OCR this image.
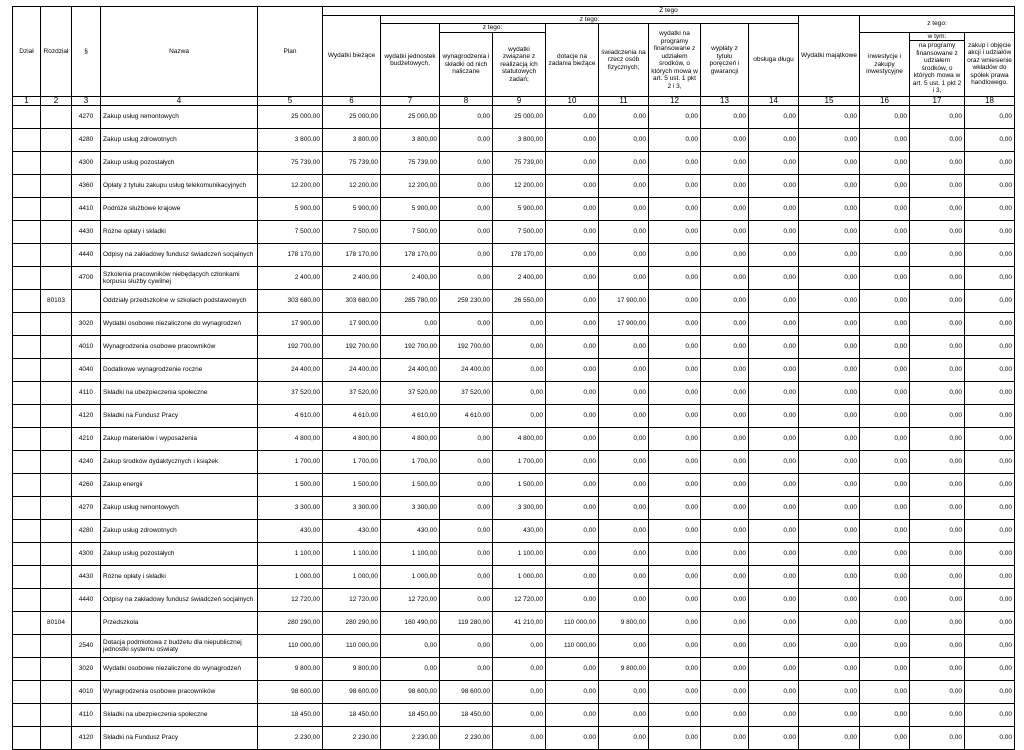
Dział	Rozdział	§	Nazwa	Plan	Z tego												
					Wydatki bieżące	z tego:								Wydatki majątkowe	z tego:		
						wydatki jednostek budżetowych,	z tego:		dotacje na zadania bieżące	świadczenia na rzecz osób fizycznych;	wydatki na programy finansowane z udziałem środków, o których mowa w art. 5 ust. 1 pkt 2 i 3,	wypłaty z tytułu poręczeń i gwarancji	obsługa długu				
							wynagrodzenia i składki od nich naliczane	wydatki związane z realizacją ich statutowych zadań;							inwestycje i zakupy inwestycyjne	w tym:	zakup i objęcie akcji i udziałów oraz wniesienie wkładów do spółek prawa handlowego.
																na programy finansowane z udziałem środków, o których mowa w art. 5 ust. 1 pkt 2 i 3,	
1	2	3	4	5	6	7	8	9	10	11	12	13	14	15	16	17	18
		4270	Zakup usług remontowych	25 000,00	25 000,00	25 000,00	0,00	25 000,00	0,00	0,00	0,00	0,00	0,00	0,00	0,00	0,00	0,00
		4280	Zakup usług zdrowotnych	3 800,00	3 800,00	3 800,00	0,00	3 800,00	0,00	0,00	0,00	0,00	0,00	0,00	0,00	0,00	0,00
		4300	Zakup usług pozostałych	75 739,00	75 739,00	75 739,00	0,00	75 739,00	0,00	0,00	0,00	0,00	0,00	0,00	0,00	0,00	0,00
		4360	Opłaty z tytułu zakupu usług telekomunikacyjnych	12 200,00	12 200,00	12 200,00	0,00	12 200,00	0,00	0,00	0,00	0,00	0,00	0,00	0,00	0,00	0,00
		4410	Podróże służbowe krajowe	5 900,00	5 900,00	5 900,00	0,00	5 900,00	0,00	0,00	0,00	0,00	0,00	0,00	0,00	0,00	0,00
		4430	Różne opłaty i składki	7 500,00	7 500,00	7 500,00	0,00	7 500,00	0,00	0,00	0,00	0,00	0,00	0,00	0,00	0,00	0,00
		4440	Odpisy na zakładowy fundusz świadczeń socjalnych	178 170,00	178 170,00	178 170,00	0,00	178 170,00	0,00	0,00	0,00	0,00	0,00	0,00	0,00	0,00	0,00
		4700	Szkolenia pracowników niebędących członkami korpusu służby cywilnej	2 400,00	2 400,00	2 400,00	0,00	2 400,00	0,00	0,00	0,00	0,00	0,00	0,00	0,00	0,00	0,00
	80103		Oddziały przedszkolne w szkołach podstawowych	303 680,00	303 680,00	285 780,00	259 230,00	26 550,00	0,00	17 900,00	0,00	0,00	0,00	0,00	0,00	0,00	0,00
		3020	Wydatki osobowe niezaliczone do wynagrodzeń	17 900,00	17 900,00	0,00	0,00	0,00	0,00	17 900,00	0,00	0,00	0,00	0,00	0,00	0,00	0,00
		4010	Wynagrodzenia osobowe pracowników	192 700,00	192 700,00	192 700,00	192 700,00	0,00	0,00	0,00	0,00	0,00	0,00	0,00	0,00	0,00	0,00
		4040	Dodatkowe wynagrodzenie roczne	24 400,00	24 400,00	24 400,00	24 400,00	0,00	0,00	0,00	0,00	0,00	0,00	0,00	0,00	0,00	0,00
		4110	Składki na ubezpieczenia społeczne	37 520,00	37 520,00	37 520,00	37 520,00	0,00	0,00	0,00	0,00	0,00	0,00	0,00	0,00	0,00	0,00
		4120	Składki na Fundusz Pracy	4 610,00	4 610,00	4 610,00	4 610,00	0,00	0,00	0,00	0,00	0,00	0,00	0,00	0,00	0,00	0,00
		4210	Zakup materiałów i wyposażenia	4 800,00	4 800,00	4 800,00	0,00	4 800,00	0,00	0,00	0,00	0,00	0,00	0,00	0,00	0,00	0,00
		4240	Zakup środków dydaktycznych i książek	1 700,00	1 700,00	1 700,00	0,00	1 700,00	0,00	0,00	0,00	0,00	0,00	0,00	0,00	0,00	0,00
		4260	Zakup energii	1 500,00	1 500,00	1 500,00	0,00	1 500,00	0,00	0,00	0,00	0,00	0,00	0,00	0,00	0,00	0,00
		4270	Zakup usług remontowych	3 300,00	3 300,00	3 300,00	0,00	3 300,00	0,00	0,00	0,00	0,00	0,00	0,00	0,00	0,00	0,00
		4280	Zakup usług zdrowotnych	430,00	430,00	430,00	0,00	430,00	0,00	0,00	0,00	0,00	0,00	0,00	0,00	0,00	0,00
		4300	Zakup usług pozostałych	1 100,00	1 100,00	1 100,00	0,00	1 100,00	0,00	0,00	0,00	0,00	0,00	0,00	0,00	0,00	0,00
		4430	Różne opłaty i składki	1 000,00	1 000,00	1 000,00	0,00	1 000,00	0,00	0,00	0,00	0,00	0,00	0,00	0,00	0,00	0,00
		4440	Odpisy na zakładowy fundusz świadczeń socjalnych	12 720,00	12 720,00	12 720,00	0,00	12 720,00	0,00	0,00	0,00	0,00	0,00	0,00	0,00	0,00	0,00
	80104		Przedszkola	280 290,00	280 290,00	160 490,00	119 280,00	41 210,00	110 000,00	9 800,00	0,00	0,00	0,00	0,00	0,00	0,00	0,00
		2540	Dotacja podmiotowa z budżetu dla niepublicznej jednostki systemu oświaty	110 000,00	110 000,00	0,00	0,00	0,00	110 000,00	0,00	0,00	0,00	0,00	0,00	0,00	0,00	0,00
		3020	Wydatki osobowe niezaliczone do wynagrodzeń	9 800,00	9 800,00	0,00	0,00	0,00	0,00	9 800,00	0,00	0,00	0,00	0,00	0,00	0,00	0,00
		4010	Wynagrodzenia osobowe pracowników	98 600,00	98 600,00	98 600,00	98 600,00	0,00	0,00	0,00	0,00	0,00	0,00	0,00	0,00	0,00	0,00
		4110	Składki na ubezpieczenia społeczne	18 450,00	18 450,00	18 450,00	18 450,00	0,00	0,00	0,00	0,00	0,00	0,00	0,00	0,00	0,00	0,00
		4120	Składki na Fundusz Pracy	2 230,00	2 230,00	2 230,00	2 230,00	0,00	0,00	0,00	0,00	0,00	0,00	0,00	0,00	0,00	0,00
